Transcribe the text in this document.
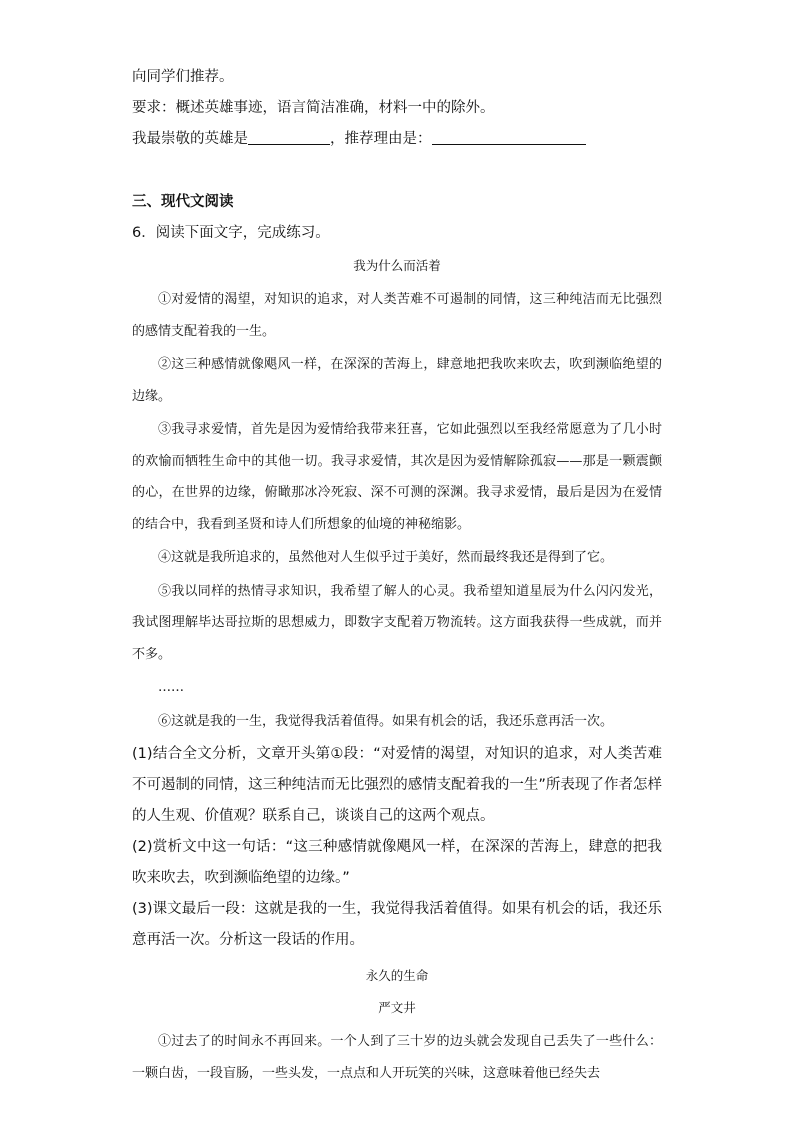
向同学们推荐。
要求：概述英雄事迹，语言简洁准确，材料一中的除外。
我最崇敬的英雄是	，推荐理由是：
三、现代文阅读
6．阅读下面文字，完成练习。
我为什么而活着

①对爱情的渴望，对知识的追求，对人类苦难不可遏制的同情，这三种纯洁而无比强烈的感情支配着我的一生。

②这三种感情就像飓风一样，在深深的苦海上，肆意地把我吹来吹去，吹到濒临绝望的边缘。

③我寻求爱情，首先是因为爱情给我带来狂喜，它如此强烈以至我经常愿意为了几小时的欢愉而牺牲生命中的其他一切。我寻求爱情，其次是因为爱情解除孤寂——那是一颗震颤的心，在世界的边缘，俯瞰那冰冷死寂、深不可测的深渊。我寻求爱情，最后是因为在爱情的结合中，我看到圣贤和诗人们所想象的仙境的神秘缩影。

④这就是我所追求的，虽然他对人生似乎过于美好，然而最终我还是得到了它。

⑤我以同样的热情寻求知识，我希望了解人的心灵。我希望知道星辰为什么闪闪发光，我试图理解毕达哥拉斯的思想威力，即数字支配着万物流转。这方面我获得一些成就，而并不多。

……

⑥这就是我的一生，我觉得我活着值得。如果有机会的话，我还乐意再活一次。

(1)结合全文分析，文章开头第①段：“对爱情的渴望，对知识的追求，对人类苦难不可遏制的同情，这三种纯洁而无比强烈的感情支配着我的一生”所表现了作者怎样的人生观、价值观？联系自己，谈谈自己的这两个观点。

(2)赏析文中这一句话：“这三种感情就像飓风一样，在深深的苦海上，肆意的把我吹来吹去，吹到濒临绝望的边缘。”

(3)课文最后一段：这就是我的一生，我觉得我活着值得。如果有机会的话，我还乐意再活一次。分析这一段话的作用。

永久的生命
严文井

①过去了的时间永不再回来。一个人到了三十岁的边头就会发现自己丢失了一些什么：一颗白齿，一段盲肠，一些头发，一点点和人开玩笑的兴味，这意味着他已经失去
